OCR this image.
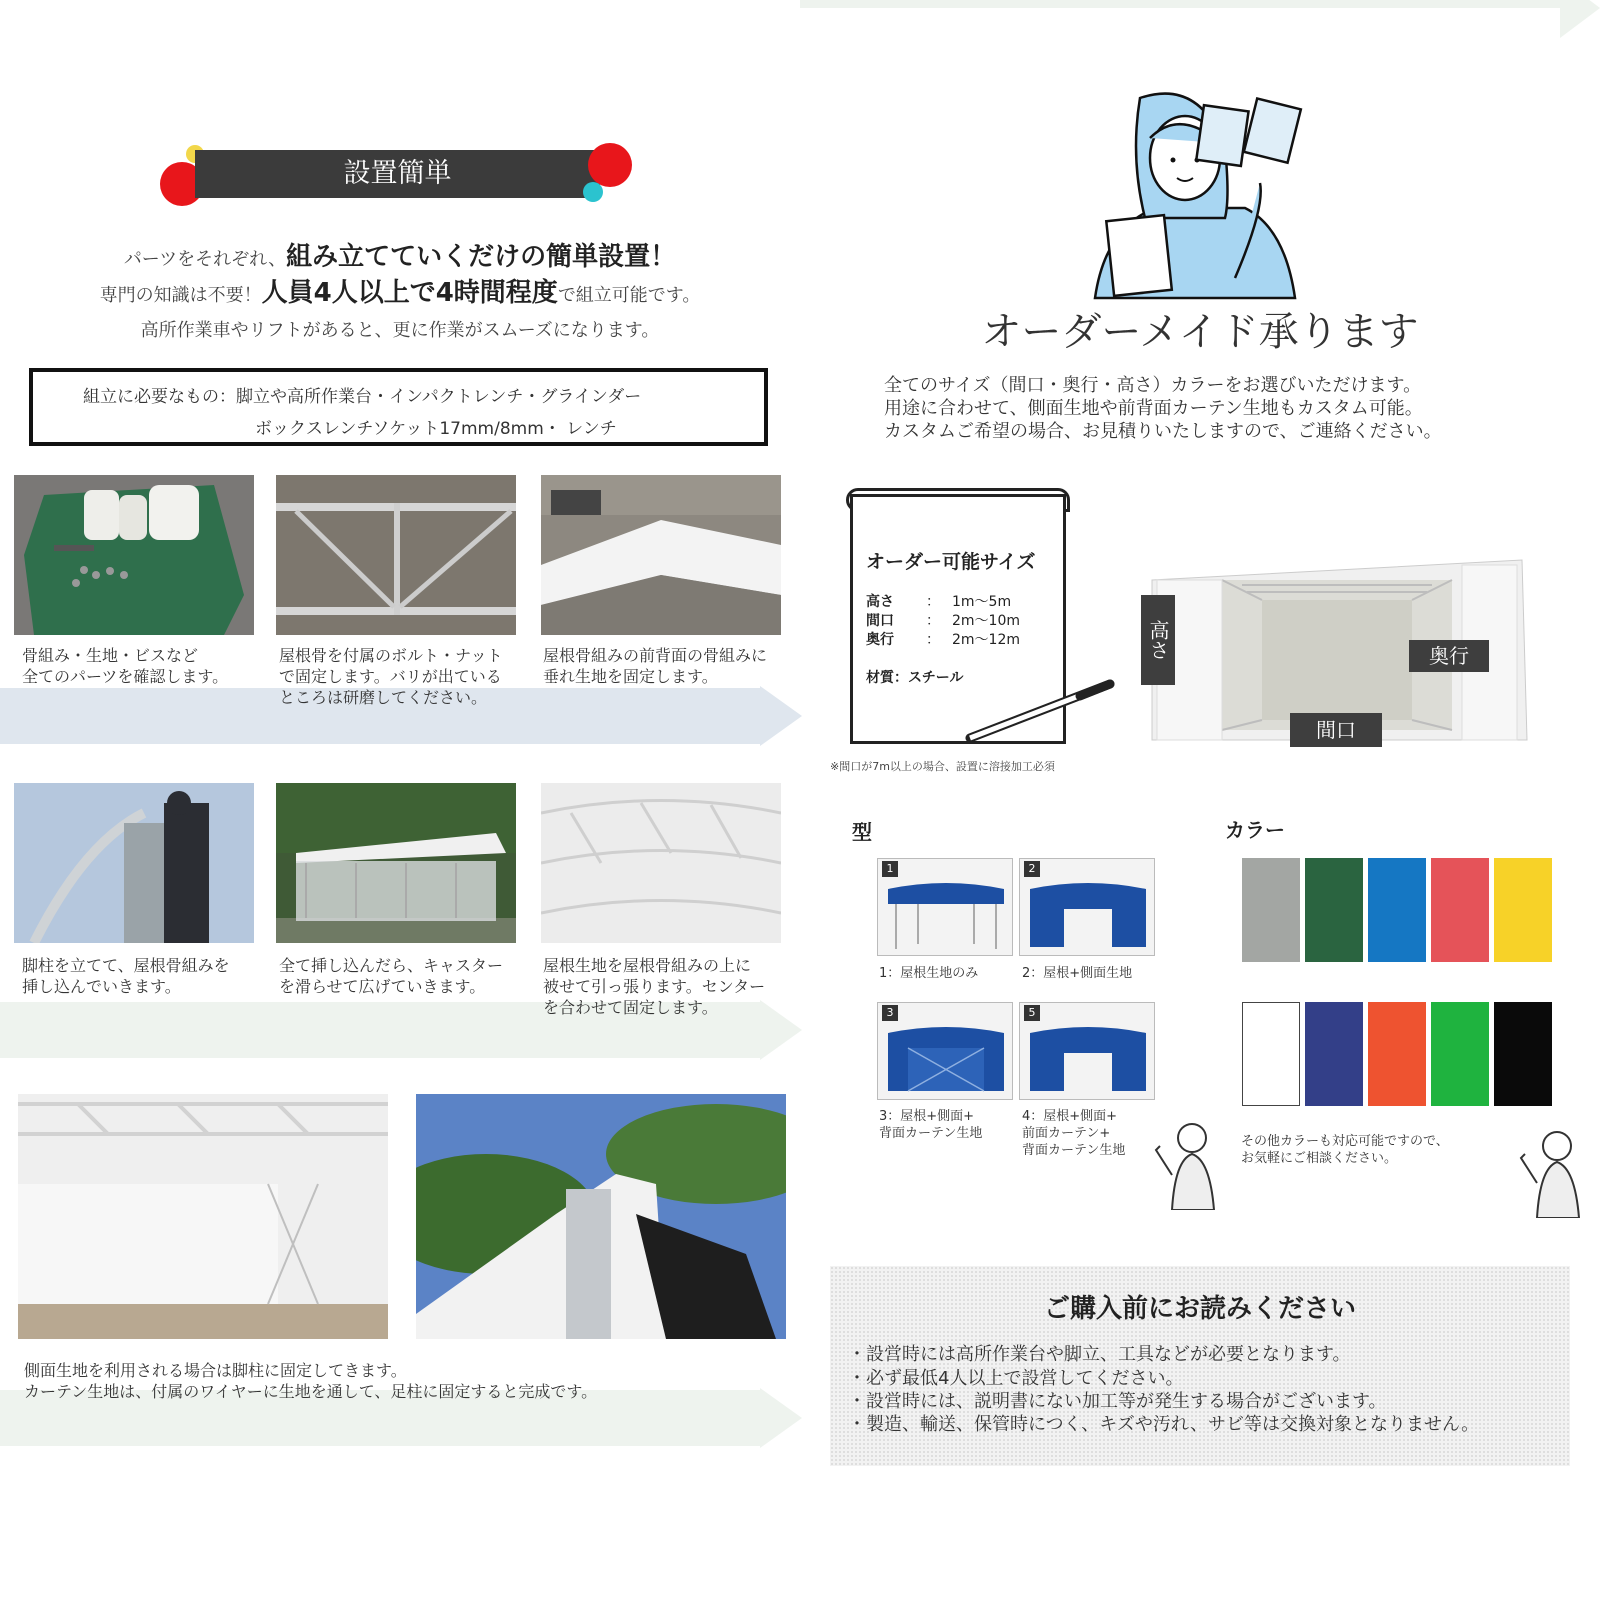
設置簡単
パーツをそれぞれ、組み立てていくだけの簡単設置！
専門の知識は不要！人員4人以上で4時間程度で組立可能です。
高所作業車やリフトがあると、更に作業がスムーズになります。
組立に必要なもの：脚立や高所作業台・インパクトレンチ・グラインダー
ボックスレンチソケット17mm/8mm・ レンチ
骨組み・生地・ビスなど
全てのパーツを確認します。
屋根骨を付属のボルト・ナット
で固定します。バリが出ている
ところは研磨してください。
屋根骨組みの前背面の骨組みに
垂れ生地を固定します。
脚柱を立てて、屋根骨組みを
挿し込んでいきます。
全て挿し込んだら、キャスター
を滑らせて広げていきます。
屋根生地を屋根骨組みの上に
被せて引っ張ります。センター
を合わせて固定します。
側面生地を利用される場合は脚柱に固定してきます。
カーテン生地は、付属のワイヤーに生地を通して、足柱に固定すると完成です。
オーダーメイド承ります
全てのサイズ（間口・奥行・高さ）カラーをお選びいただけます。
用途に合わせて、側面生地や前背面カーテン生地もカスタム可能。
カスタムご希望の場合、お見積りいたしますので、ご連絡ください。
オーダー可能サイズ
高さ ： 1m～5m
間口 ： 2m～10m
奥行 ： 2m～12m
材質：スチール
高さ	奥行
間口
※間口が7m以上の場合、設置に溶接加工必須
型
1
1：屋根生地のみ
2
2：屋根+側面生地
3
3：屋根+側面+
背面カーテン生地
5
4：屋根+側面+
前面カーテン+
背面カーテン生地
カラー
その他カラーも対応可能ですので、
お気軽にご相談ください。
ご購入前にお読みください
・設営時には高所作業台や脚立、工具などが必要となります。
・必ず最低4人以上で設営してください。
・設営時には、説明書にない加工等が発生する場合がございます。
・製造、輸送、保管時につく、キズや汚れ、サビ等は交換対象となりません。
